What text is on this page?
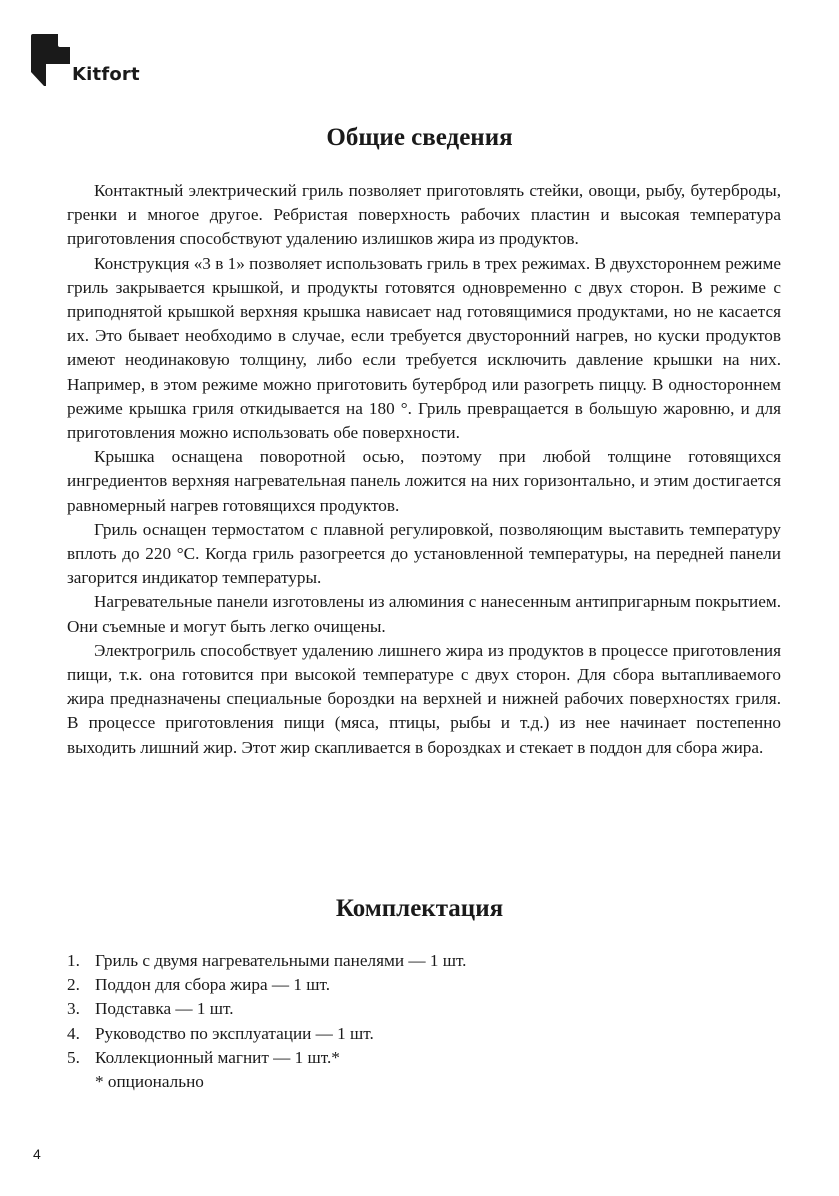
Kitfort
Общие сведения

Контактный электрический гриль позволяет приготовлять стейки, овощи, рыбу, бутерброды, гренки и многое другое. Ребристая поверхность рабочих пластин и высокая температура приготовления способствуют удалению излишков жира из продуктов.

Конструкция «3 в 1» позволяет использовать гриль в трех режимах. В двухстороннем режиме гриль закрывается крышкой, и продукты готовятся одновременно с двух сторон. В режиме с приподнятой крышкой верхняя крышка нависает над готовящимися продуктами, но не касается их. Это бывает необходимо в случае, если требуется двусторонний нагрев, но куски продуктов имеют неодинаковую толщину, либо если требуется исключить давление крышки на них. Например, в этом режиме можно приготовить бутерброд или разогреть пиццу. В одностороннем режиме крышка гриля откидывается на 180 °. Гриль превращается в большую жаровню, и для приготовления можно использовать обе поверхности.

Крышка оснащена поворотной осью, поэтому при любой толщине готовящихся ингредиентов верхняя нагревательная панель ложится на них горизонтально, и этим достигается равномерный нагрев готовящихся продуктов.

Гриль оснащен термостатом с плавной регулировкой, позволяющим выставить температуру вплоть до 220 °С. Когда гриль разогреется до установленной температуры, на передней панели загорится индикатор температуры.

Нагревательные панели изготовлены из алюминия с нанесенным антипригарным покрытием. Они съемные и могут быть легко очищены.

Электрогриль способствует удалению лишнего жира из продуктов в процессе приготовления пищи, т.к. она готовится при высокой температуре с двух сторон. Для сбора вытапливаемого жира предназначены специальные бороздки на верхней и нижней рабочих поверхностях гриля. В процессе приготовления пищи (мяса, птицы, рыбы и т.д.) из нее начинает постепенно выходить лишний жир. Этот жир скапливается в бороздках и стекает в поддон для сбора жира.

Комплектация
1. Гриль с двумя нагревательными панелями — 1 шт.
2. Поддон для сбора жира — 1 шт.
3. Подставка — 1 шт.
4. Руководство по эксплуатации — 1 шт.
5. Коллекционный магнит — 1 шт.*
* опционально
4
